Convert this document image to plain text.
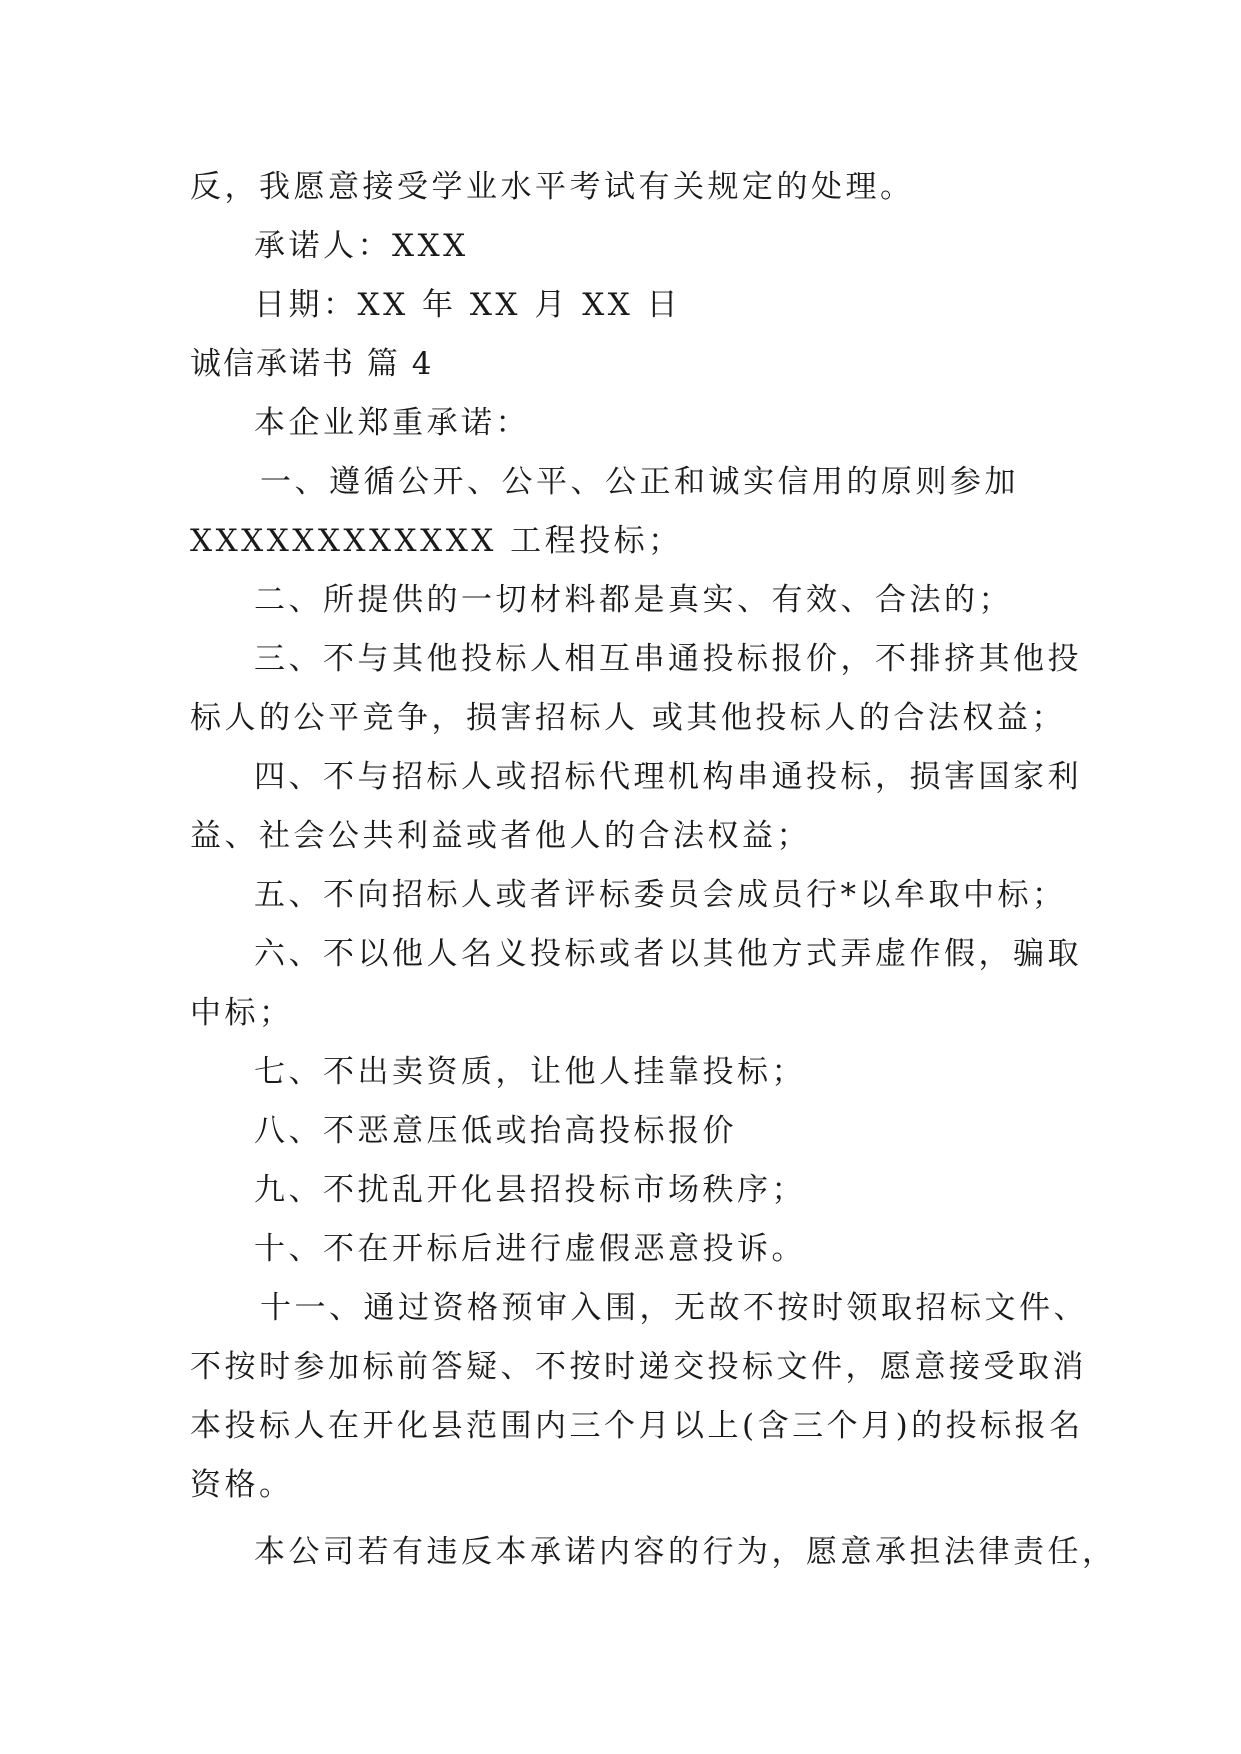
反，我愿意接受学业水平考试有关规定的处理。
承诺人：XXX
日期：XX 年 XX 月 XX 日
诚信承诺书 篇 4
本企业郑重承诺：
一、遵循公开、公平、公正和诚实信用的原则参加
XXXXXXXXXXXX 工程投标；
二、所提供的一切材料都是真实、有效、合法的；
三、不与其他投标人相互串通投标报价，不排挤其他投
标人的公平竞争，损害招标人 或其他投标人的合法权益；
四、不与招标人或招标代理机构串通投标，损害国家利
益、社会公共利益或者他人的合法权益；
五、不向招标人或者评标委员会成员行*以牟取中标；
六、不以他人名义投标或者以其他方式弄虚作假，骗取
中标；
七、不出卖资质，让他人挂靠投标；
八、不恶意压低或抬高投标报价
九、不扰乱开化县招投标市场秩序；
十、不在开标后进行虚假恶意投诉。
十一、通过资格预审入围，无故不按时领取招标文件、
不按时参加标前答疑、不按时递交投标文件，愿意接受取消
本投标人在开化县范围内三个月以上(含三个月)的投标报名
资格。
本公司若有违反本承诺内容的行为，愿意承担法律责任，
